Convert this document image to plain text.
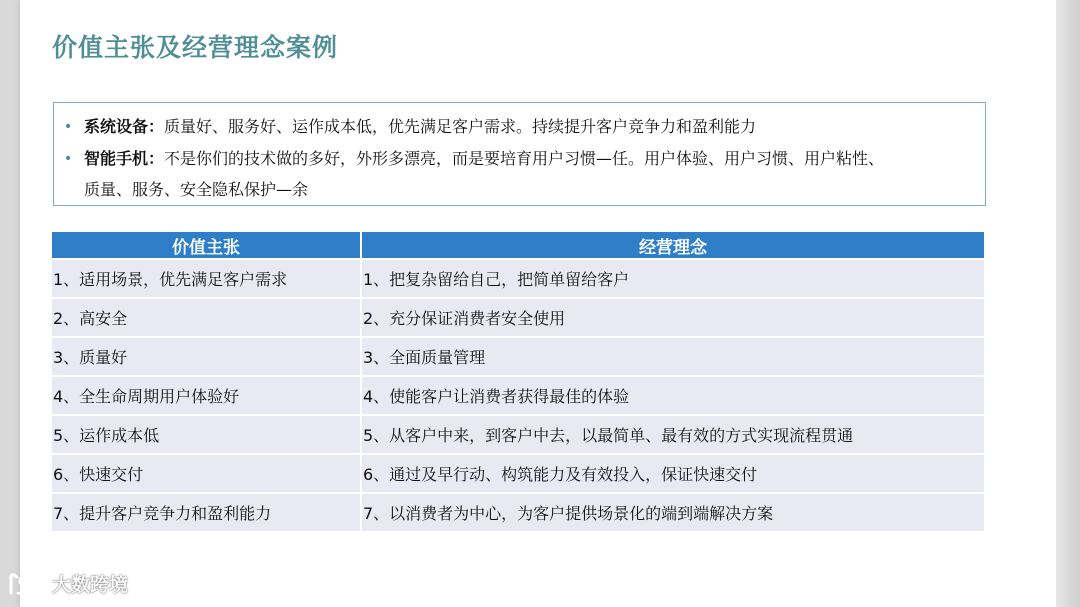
价值主张及经营理念案例
• 系统设备：质量好、服务好、运作成本低，优先满足客户需求。持续提升客户竞争力和盈利能力
• 智能手机：不是你们的技术做的多好，外形多漂亮，而是要培育用户习惯—任。用户体验、用户习惯、用户粘性、
质量、服务、安全隐私保护—余
价值主张	经营理念
1、适用场景，优先满足客户需求	1、把复杂留给自己，把简单留给客户
2、高安全	2、充分保证消费者安全使用
3、质量好	3、全面质量管理
4、全生命周期用户体验好	4、使能客户让消费者获得最佳的体验
5、运作成本低	5、从客户中来，到客户中去，以最简单、最有效的方式实现流程贯通
6、快速交付	6、通过及早行动、构筑能力及有效投入，保证快速交付
7、提升客户竞争力和盈利能力	7、以消费者为中心，为客户提供场景化的端到端解决方案
大数跨境
